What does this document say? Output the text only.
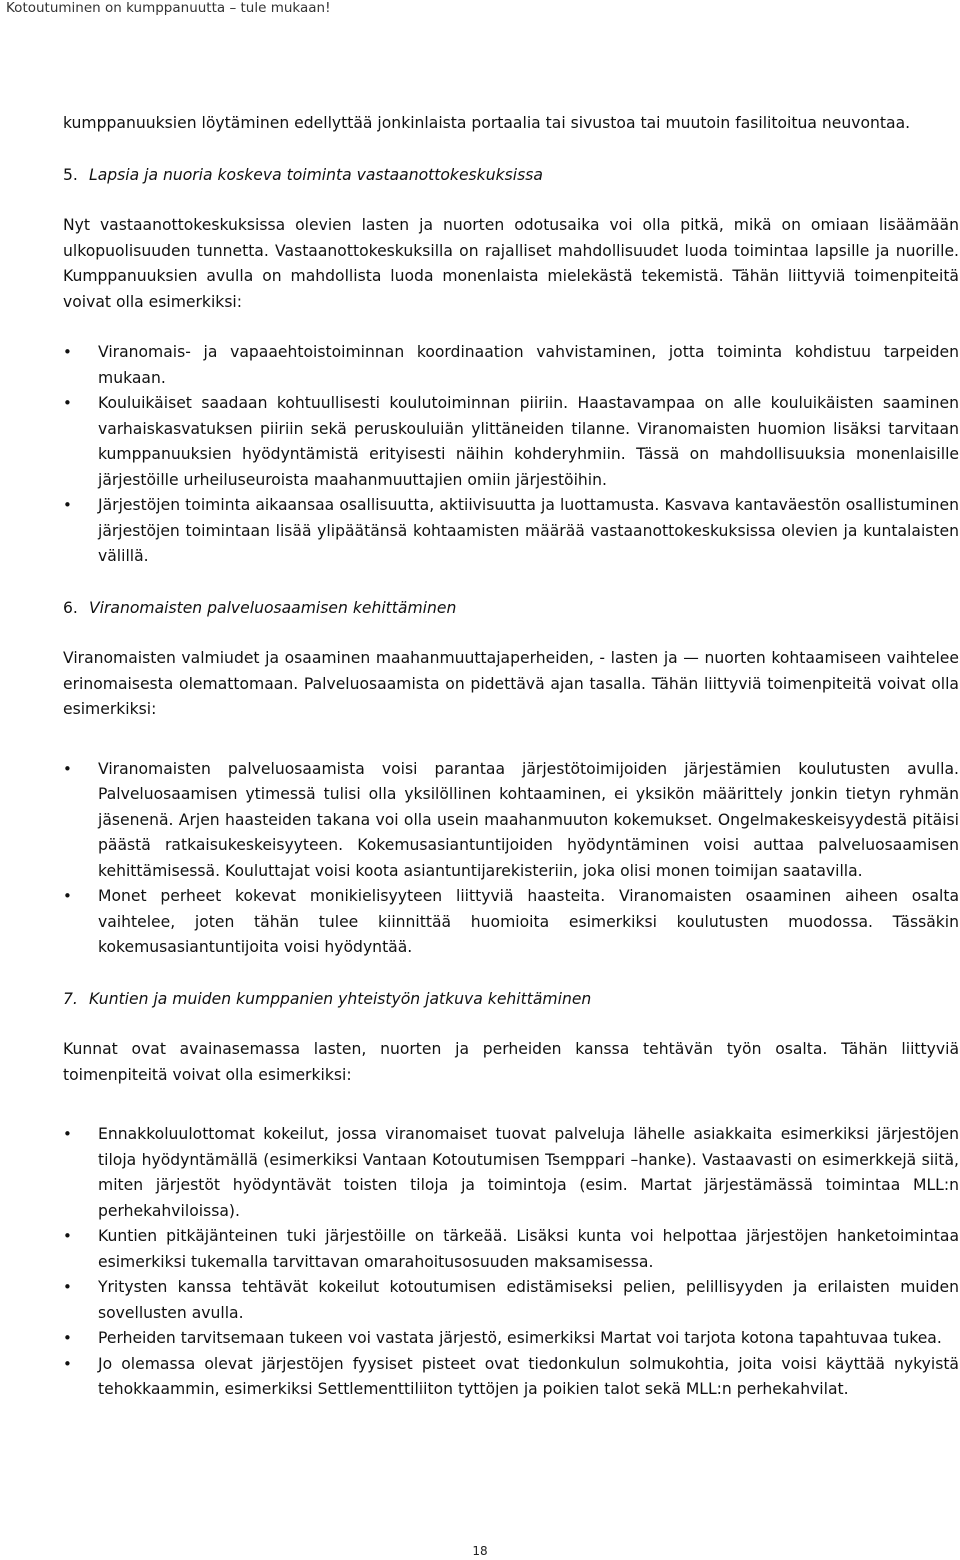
Kotoutuminen on kumppanuutta – tule mukaan!

kumppanuuksien löytäminen edellyttää jonkinlaista portaalia tai sivustoa tai muutoin fasilitoitua neuvontaa.

5. Lapsia ja nuoria koskeva toiminta vastaanottokeskuksissa

Nyt vastaanottokeskuksissa olevien lasten ja nuorten odotusaika voi olla pitkä, mikä on omiaan lisäämään ulkopuolisuuden tunnetta. Vastaanottokeskuksilla on rajalliset mahdollisuudet luoda toimintaa lapsille ja nuorille. Kumppanuuksien avulla on mahdollista luoda monenlaista mielekästä tekemistä. Tähän liittyviä toimenpiteitä voivat olla esimerkiksi:

• Viranomais- ja vapaaehtoistoiminnan koordinaation vahvistaminen, jotta toiminta kohdistuu tarpeiden mukaan.
• Kouluikäiset saadaan kohtuullisesti koulutoiminnan piiriin. Haastavampaa on alle kouluikäisten saaminen varhaiskasvatuksen piiriin sekä peruskouluiän ylittäneiden tilanne. Viranomaisten huomion lisäksi tarvitaan kumppanuuksien hyödyntämistä erityisesti näihin kohderyhmiin. Tässä on mahdollisuuksia monenlaisille järjestöille urheiluseuroista maahanmuuttajien omiin järjestöihin.
• Järjestöjen toiminta aikaansaa osallisuutta, aktiivisuutta ja luottamusta. Kasvava kantaväestön osallistuminen järjestöjen toimintaan lisää ylipäätänsä kohtaamisten määrää vastaanottokeskuksissa olevien ja kuntalaisten välillä.

6. Viranomaisten palveluosaamisen kehittäminen

Viranomaisten valmiudet ja osaaminen maahanmuuttajaperheiden, - lasten ja — nuorten kohtaamiseen vaihtelee erinomaisesta olemattomaan. Palveluosaamista on pidettävä ajan tasalla. Tähän liittyviä toimenpiteitä voivat olla esimerkiksi:

• Viranomaisten palveluosaamista voisi parantaa järjestötoimijoiden järjestämien koulutusten avulla. Palveluosaamisen ytimessä tulisi olla yksilöllinen kohtaaminen, ei yksikön määrittely jonkin tietyn ryhmän jäsenenä. Arjen haasteiden takana voi olla usein maahanmuuton kokemukset. Ongelmakeskeisyydestä pitäisi päästä ratkaisukeskeisyyteen. Kokemusasiantuntijoiden hyödyntäminen voisi auttaa palveluosaamisen kehittämisessä. Kouluttajat voisi koota asiantuntijarekisteriin, joka olisi monen toimijan saatavilla.
• Monet perheet kokevat monikielisyyteen liittyviä haasteita. Viranomaisten osaaminen aiheen osalta vaihtelee, joten tähän tulee kiinnittää huomioita esimerkiksi koulutusten muodossa. Tässäkin kokemusasiantuntijoita voisi hyödyntää.

7. Kuntien ja muiden kumppanien yhteistyön jatkuva kehittäminen

Kunnat ovat avainasemassa lasten, nuorten ja perheiden kanssa tehtävän työn osalta. Tähän liittyviä toimenpiteitä voivat olla esimerkiksi:

• Ennakkoluulottomat kokeilut, jossa viranomaiset tuovat palveluja lähelle asiakkaita esimerkiksi järjestöjen tiloja hyödyntämällä (esimerkiksi Vantaan Kotoutumisen Tsemppari –hanke). Vastaavasti on esimerkkejä siitä, miten järjestöt hyödyntävät toisten tiloja ja toimintoja (esim. Martat järjestämässä toimintaa MLL:n perhekahviloissa).
• Kuntien pitkäjänteinen tuki järjestöille on tärkeää. Lisäksi kunta voi helpottaa järjestöjen hanketoimintaa esimerkiksi tukemalla tarvittavan omarahoitusosuuden maksamisessa.
• Yritysten kanssa tehtävät kokeilut kotoutumisen edistämiseksi pelien, pelillisyyden ja erilaisten muiden sovellusten avulla.
• Perheiden tarvitsemaan tukeen voi vastata järjestö, esimerkiksi Martat voi tarjota kotona tapahtuvaa tukea.
• Jo olemassa olevat järjestöjen fyysiset pisteet ovat tiedonkulun solmukohtia, joita voisi käyttää nykyistä tehokkaammin, esimerkiksi Settlementtiliiton tyttöjen ja poikien talot sekä MLL:n perhekahvilat.
18
